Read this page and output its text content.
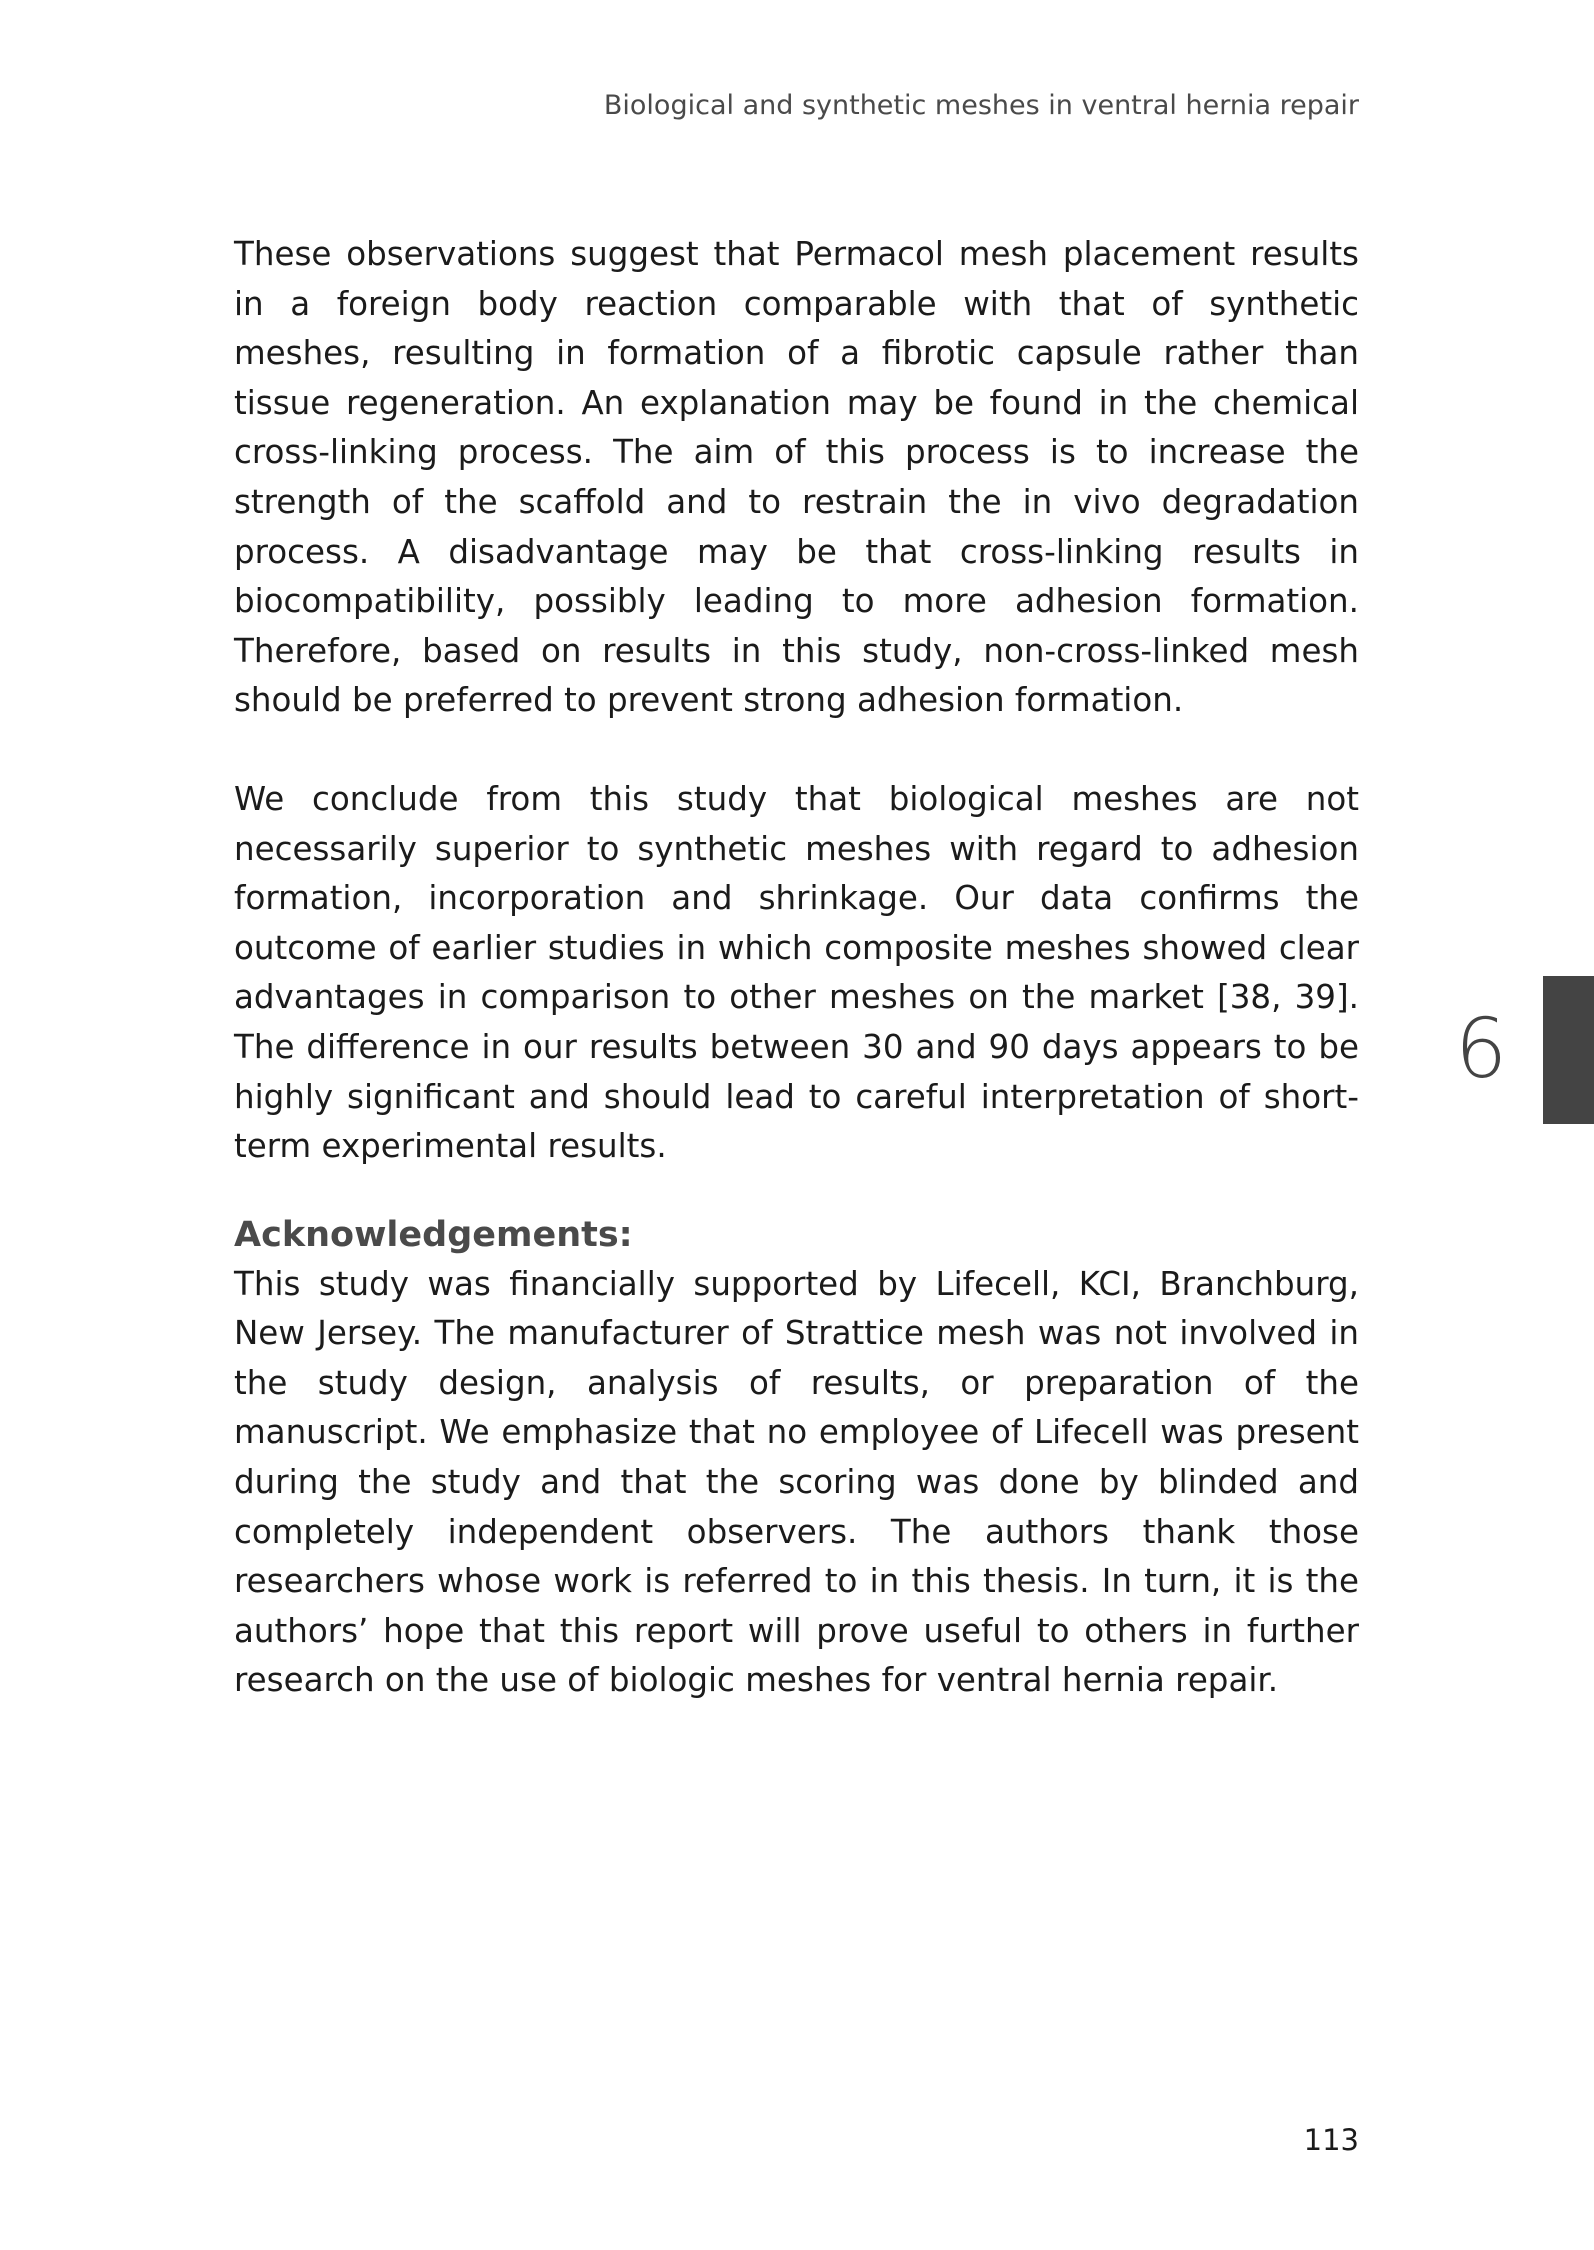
Biological and synthetic meshes in ventral hernia repair

These observations suggest that Permacol mesh placement results in a foreign body reaction comparable with that of synthetic meshes, resulting in formation of a fibrotic capsule rather than tissue regeneration. An explanation may be found in the chemical cross-linking process. The aim of this process is to increase the strength of the scaffold and to restrain the in vivo degradation process. A disadvantage may be that cross-linking results in biocompatibility, possibly leading to more adhesion formation. Therefore, based on results in this study, non-cross-linked mesh should be preferred to prevent strong adhesion formation.

We conclude from this study that biological meshes are not necessarily superior to synthetic meshes with regard to adhesion formation, incorporation and shrinkage. Our data confirms the outcome of earlier studies in which composite meshes showed clear advantages in comparison to other meshes on the market [38, 39]. The difference in our results between 30 and 90 days appears to be highly significant and should lead to careful interpretation of short-term experimental results.

Acknowledgements:

This study was financially supported by Lifecell, KCI, Branchburg, New Jersey. The manufacturer of Strattice mesh was not involved in the study design, analysis of results, or preparation of the manuscript. We emphasize that no employee of Lifecell was present during the study and that the scoring was done by blinded and completely independent observers. The authors thank those researchers whose work is referred to in this thesis. In turn, it is the authors’ hope that this report will prove useful to others in further research on the use of biologic meshes for ventral hernia repair.

6
113
